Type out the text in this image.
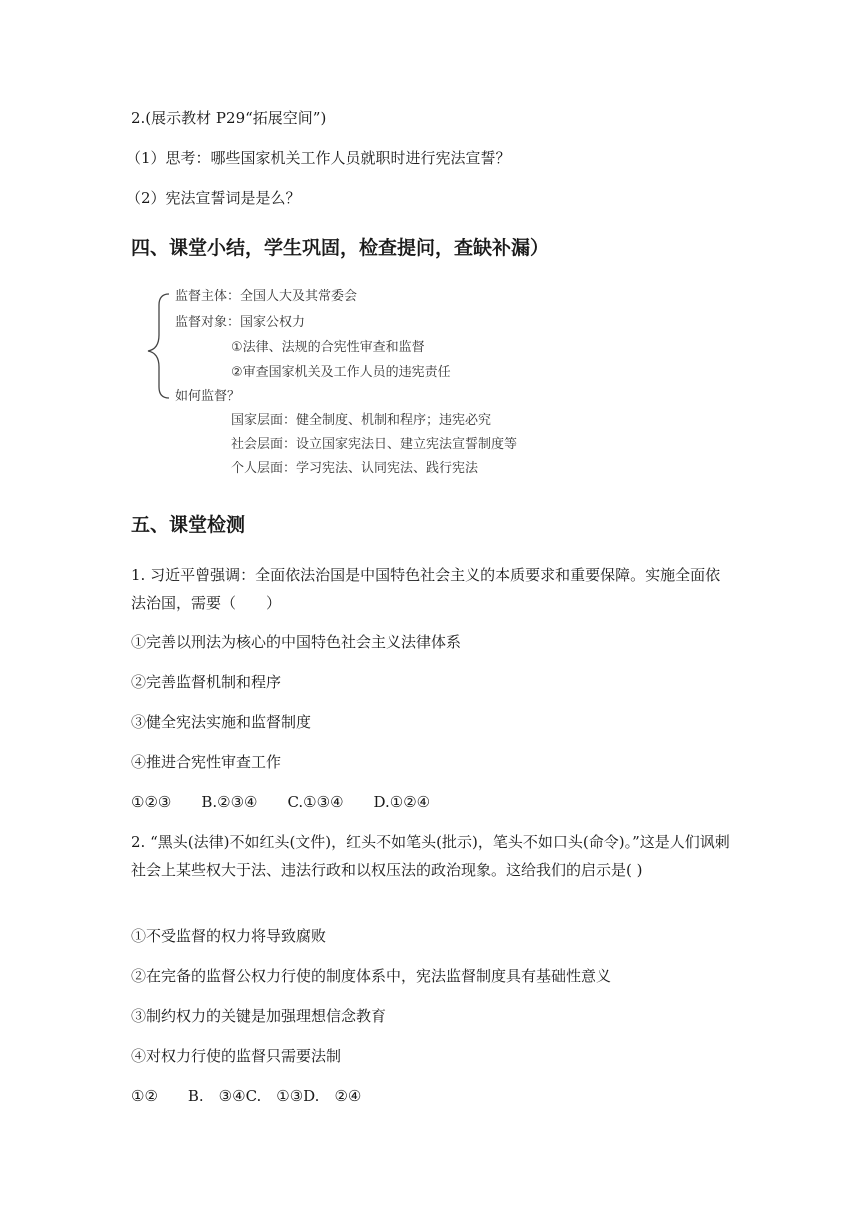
2.(展示教材 P29“拓展空间”)
（1）思考：哪些国家机关工作人员就职时进行宪法宣誓？
（2）宪法宣誓词是是么？
四、课堂小结，学生巩固，检查提问，查缺补漏）
监督主体：全国人大及其常委会
监督对象：国家公权力
①法律、法规的合宪性审查和监督
②审查国家机关及工作人员的违宪责任
如何监督？
国家层面：健全制度、机制和程序；违宪必究
社会层面：设立国家宪法日、建立宪法宣誓制度等
个人层面：学习宪法、认同宪法、践行宪法
五、课堂检测
1. 习近平曾强调：全面依法治国是中国特色社会主义的本质要求和重要保障。实施全面依法治国，需要（　　）
①完善以刑法为核心的中国特色社会主义法律体系
②完善监督机制和程序
③健全宪法实施和监督制度
④推进合宪性审查工作
①②③　　B.②③④　　C.①③④　　D.①②④
2. “黑头(法律)不如红头(文件)，红头不如笔头(批示)，笔头不如口头(命令)。”这是人们讽刺社会上某些权大于法、违法行政和以权压法的政治现象。这给我们的启示是( )
①不受监督的权力将导致腐败
②在完备的监督公权力行使的制度体系中，宪法监督制度具有基础性意义
③制约权力的关键是加强理想信念教育
④对权力行使的监督只需要法制
①②　　B.　③④C.　①③D.　②④
